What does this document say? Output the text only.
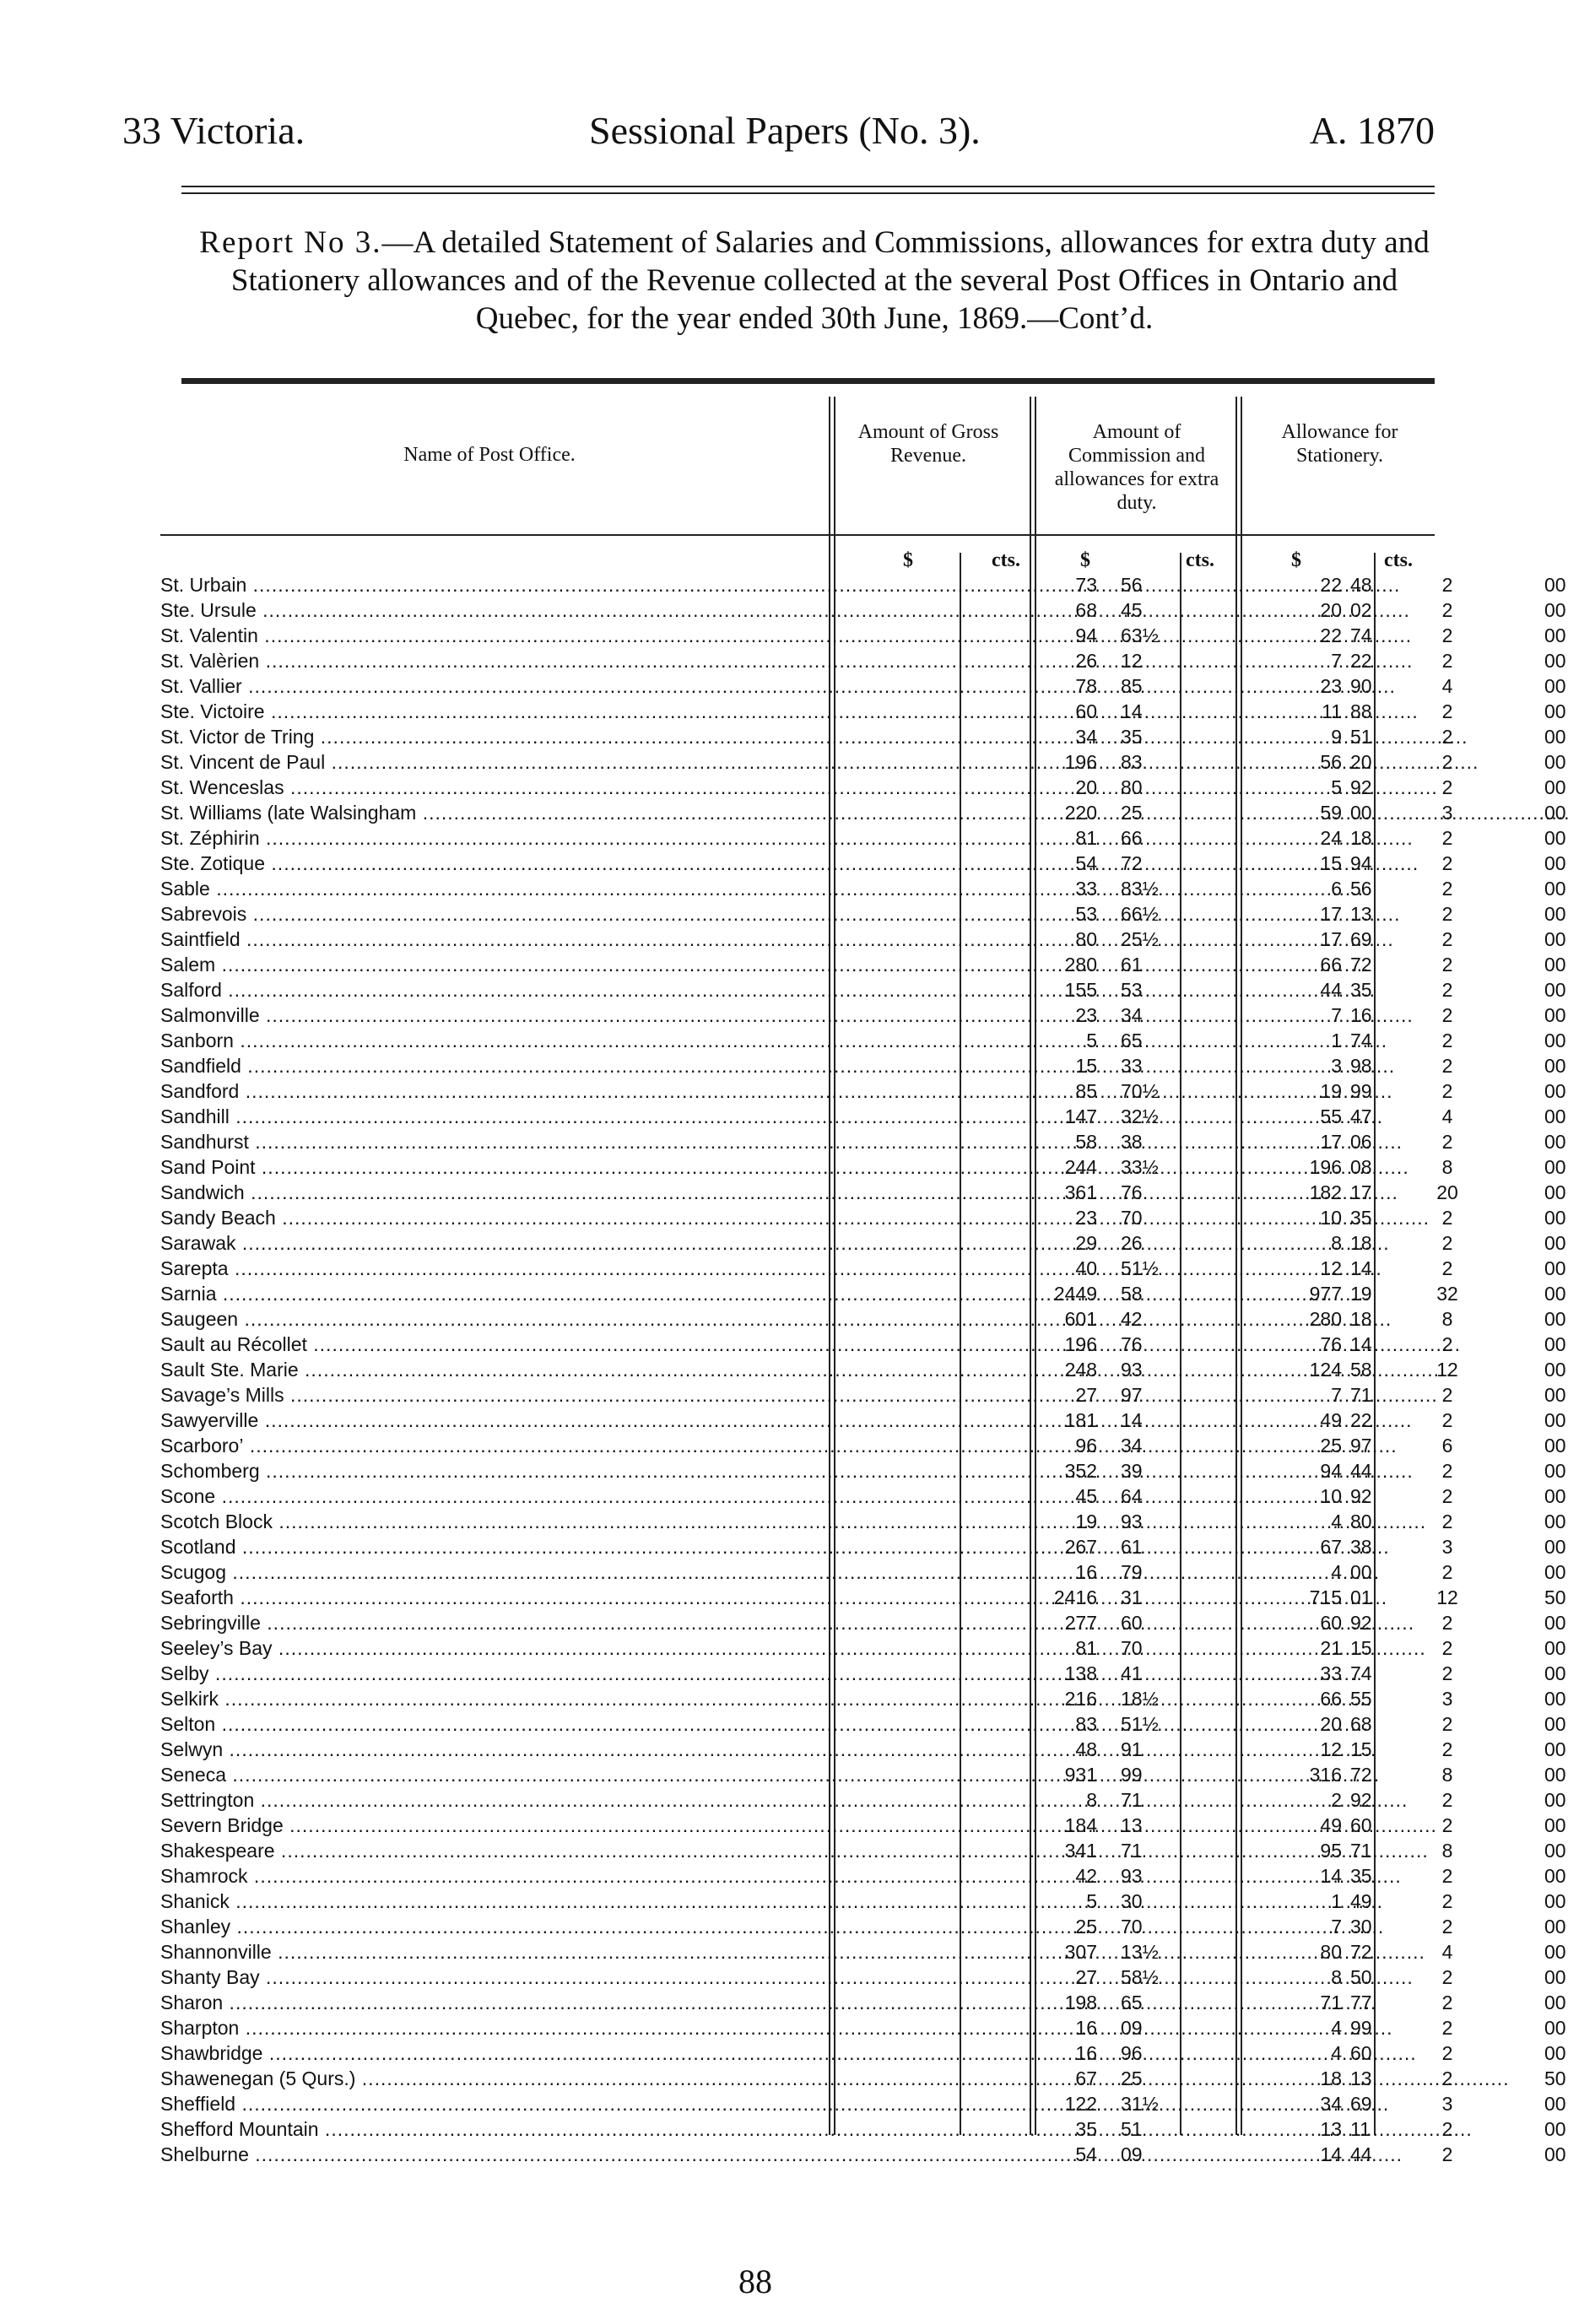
33 Victoria.	Sessional Papers (No. 3).	A. 1870
Report No 3.—A detailed Statement of Salaries and Commissions, allowances for extra duty and Stationery allowances and of the Revenue collected at the several Post Offices in Ontario and Quebec, for the year ended 30th June, 1869.—Cont’d.
Name of Post Office.
Amount of Gross Revenue.
Amount of Commission and allowances for extra duty.
Allowance for Stationery.
$	cts.	$	cts.	$	cts.
St. Urbain .....	73 56	22 48	2	00
Ste. Ursule .....	68 45	20 02	2	00
St. Valentin .....	94 63½	22 74	2	00
St. Valèrien .....	26 12	7 22	2	00
St. Vallier .....	78 85	23 90	4	00
Ste. Victoire .....	60 14	11 88	2	00
St. Victor de Tring .....	34 35	9 51	2	00
St. Vincent de Paul .....	196 83	56 20	2	00
St. Wenceslas .....	20 80	5 92	2	00
St. Williams (late Walsingham .....	220 25	59 00	3	00
St. Zéphirin .....	81 66	24 18	2	00
Ste. Zotique .....	54 72	15 94	2	00
Sable .....	33 83½	6 56	2	00
Sabrevois .....	53 66½	17 13	2	00
Saintfield .....	80 25½	17 69	2	00
Salem .....	280 61	66 72	2	00
Salford .....	155 53	44 35	2	00
Salmonville .....	23 34	7 16	2	00
Sanborn .....	5 65	1 74	2	00
Sandfield .....	15 33	3 98	2	00
Sandford .....	85 70½	19 99	2	00
Sandhill .....	147 32½	55 47	4	00
Sandhurst .....	58 38	17 06	2	00
Sand Point .....	244 33½	196 08	8	00
Sandwich .....	361 76	182 17	20	00
Sandy Beach .....	23 70	10 35	2	00
Sarawak .....	29 26	8 18	2	00
Sarepta .....	40 51½	12 14	2	00
Sarnia .....	2449 58	977 19	32	00
Saugeen .....	601 42	280 18	8	00
Sault au Récollet .....	196 76	76 14	2	00
Sault Ste. Marie .....	248 93	124 58	12	00
Savage’s Mills .....	27 97	7 71	2	00
Sawyerville .....	181 14	49 22	2	00
Scarboro’ .....	96 34	25 97	6	00
Schomberg .....	352 39	94 44	2	00
Scone .....	45 64	10 92	2	00
Scotch Block .....	19 93	4 80	2	00
Scotland .....	267 61	67 38	3	00
Scugog .....	16 79	4 00	2	00
Seaforth .....	2416 31	715 01	12	50
Sebringville .....	277 60	60 92	2	00
Seeley’s Bay .....	81 70	21 15	2	00
Selby .....	138 41	33 74	2	00
Selkirk .....	216 18½	66 55	3	00
Selton .....	83 51½	20 68	2	00
Selwyn .....	48 91	12 15	2	00
Seneca .....	931 99	316 72	8	00
Settrington .....	8 71	2 92	2	00
Severn Bridge .....	184 13	49 60	2	00
Shakespeare .....	341 71	95 71	8	00
Shamrock .....	42 93	14 35	2	00
Shanick .....	5 30	1 49	2	00
Shanley .....	25 70	7 30	2	00
Shannonville .....	307 13½	80 72	4	00
Shanty Bay .....	27 58½	8 50	2	00
Sharon .....	198 65	71 77	2	00
Sharpton .....	16 09	4 99	2	00
Shawbridge .....	16 96	4 60	2	00
Shawenegan (5 Qurs.) .....	67 25	18 13	2	50
Sheffield .....	122 31½	34 69	3	00
Shefford Mountain .....	35 51	13 11	2	00
Shelburne .....	54 09	14 44	2	00
88
